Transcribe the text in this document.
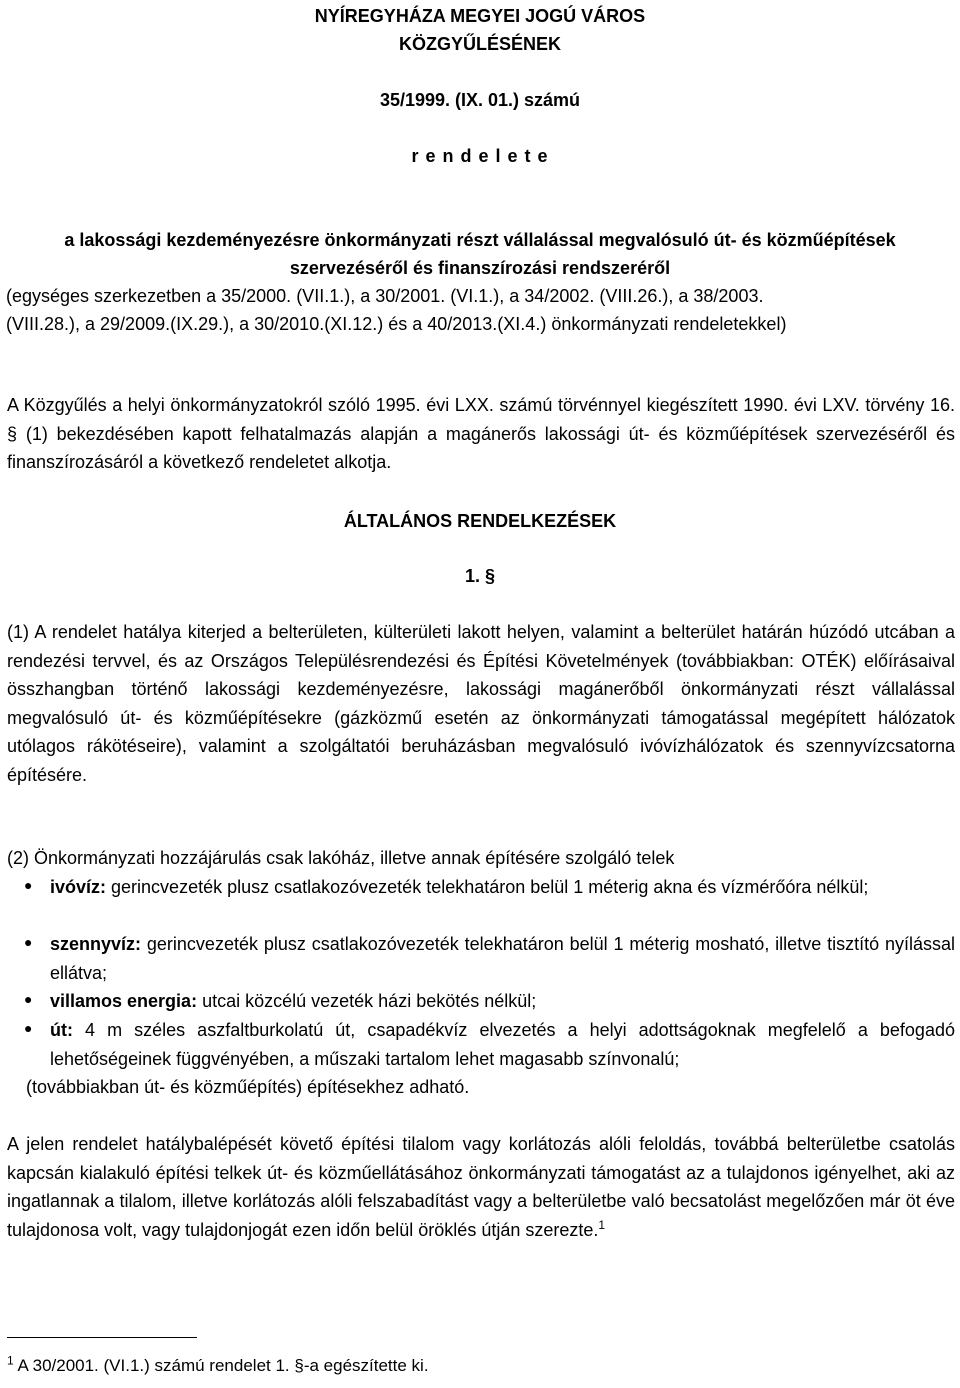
NYÍREGYHÁZA MEGYEI JOGÚ VÁROS
KÖZGYŰLÉSÉNEK
35/1999. (IX. 01.) számú
r e n d e l e t e
a lakossági kezdeményezésre önkormányzati részt vállalással megvalósuló út- és közműépítések
szervezéséről és finanszírozási rendszeréről
(egységes szerkezetben a 35/2000. (VII.1.), a 30/2001. (VI.1.), a 34/2002. (VIII.26.), a 38/2003.
(VIII.28.), a 29/2009.(IX.29.), a 30/2010.(XI.12.) és a 40/2013.(XI.4.) önkormányzati rendeletekkel)
A Közgyűlés a helyi önkormányzatokról szóló 1995. évi LXX. számú törvénnyel kiegészített 1990. évi LXV. törvény 16. § (1) bekezdésében kapott felhatalmazás alapján a magánerős lakossági út- és közműépítések szervezéséről és finanszírozásáról a következő rendeletet alkotja.
ÁLTALÁNOS RENDELKEZÉSEK
1. §
(1) A rendelet hatálya kiterjed a belterületen, külterületi lakott helyen, valamint a belterület határán húzódó utcában a rendezési tervvel, és az Országos Településrendezési és Építési Követelmények (továbbiakban: OTÉK) előírásaival összhangban történő lakossági kezdeményezésre, lakossági magánerőből önkormányzati részt vállalással megvalósuló út- és közműépítésekre (gázközmű esetén az önkormányzati támogatással megépített hálózatok utólagos rákötéseire), valamint a szolgáltatói beruházásban megvalósuló ivóvízhálózatok és szennyvízcsatorna építésére.
(2) Önkormányzati hozzájárulás csak lakóház, illetve annak építésére szolgáló telek
● ivóvíz: gerincvezeték plusz csatlakozóvezeték telekhatáron belül 1 méterig akna és vízmérőóra nélkül;
● szennyvíz: gerincvezeték plusz csatlakozóvezeték telekhatáron belül 1 méterig mosható, illetve tisztító nyílással ellátva;
● villamos energia: utcai közcélú vezeték házi bekötés nélkül;
● út: 4 m széles aszfaltburkolatú út, csapadékvíz elvezetés a helyi adottságoknak megfelelő a befogadó lehetőségeinek függvényében, a műszaki tartalom lehet magasabb színvonalú;
(továbbiakban út- és közműépítés) építésekhez adható.
A jelen rendelet hatálybalépését követő építési tilalom vagy korlátozás alóli feloldás, továbbá belterületbe csatolás kapcsán kialakuló építési telkek út- és közműellátásához önkormányzati támogatást az a tulajdonos igényelhet, aki az ingatlannak a tilalom, illetve korlátozás alóli felszabadítást vagy a belterületbe való becsatolást megelőzően már öt éve tulajdonosa volt, vagy tulajdonjogát ezen időn belül öröklés útján szerezte.$^1$
$^1$ A 30/2001. (VI.1.) számú rendelet 1. §-a egészítette ki.
